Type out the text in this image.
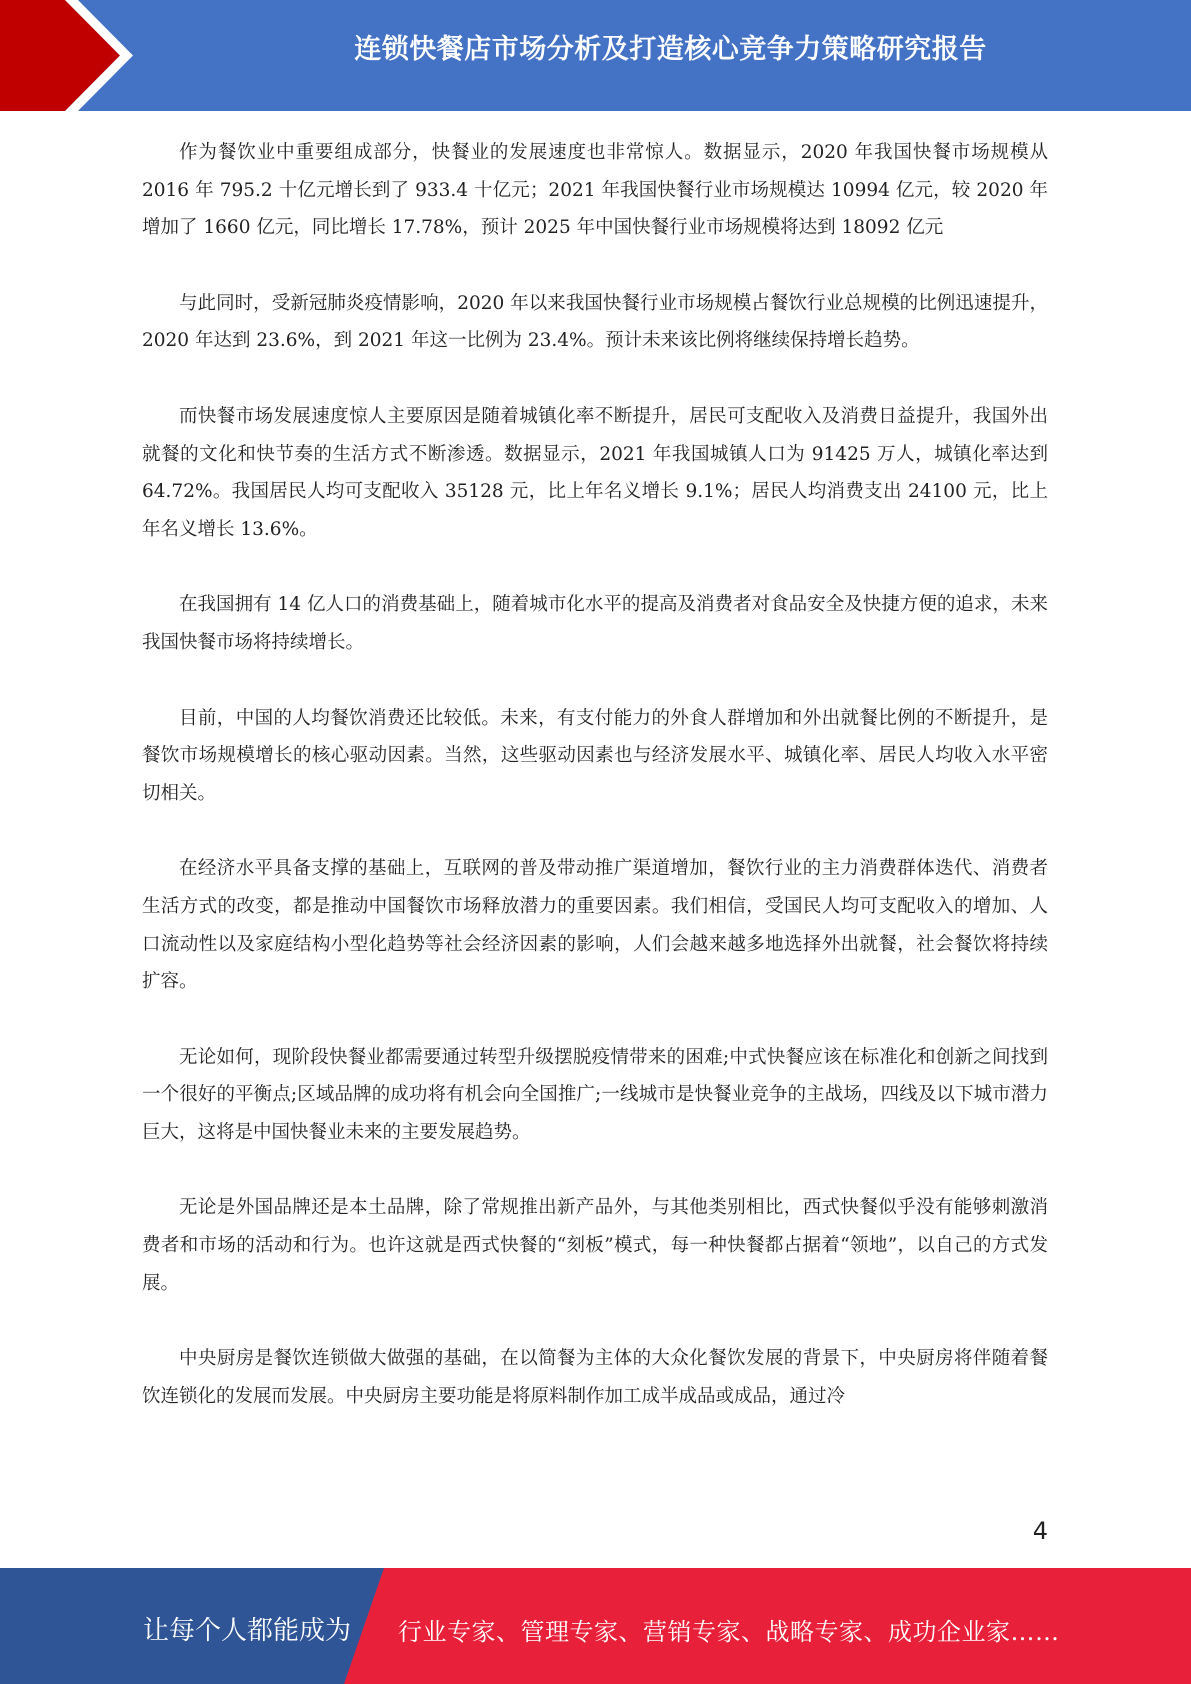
连锁快餐店市场分析及打造核心竞争力策略研究报告

作为餐饮业中重要组成部分，快餐业的发展速度也非常惊人。数据显示，2020 年我国快餐市场规模从 2016 年 795.2 十亿元增长到了 933.4 十亿元；2021 年我国快餐行业市场规模达 10994 亿元，较 2020 年增加了 1660 亿元，同比增长 17.78%，预计 2025 年中国快餐行业市场规模将达到 18092 亿元

与此同时，受新冠肺炎疫情影响，2020 年以来我国快餐行业市场规模占餐饮行业总规模的比例迅速提升，2020 年达到 23.6%，到 2021 年这一比例为 23.4%。预计未来该比例将继续保持增长趋势。

而快餐市场发展速度惊人主要原因是随着城镇化率不断提升，居民可支配收入及消费日益提升，我国外出就餐的文化和快节奏的生活方式不断渗透。数据显示，2021 年我国城镇人口为 91425 万人，城镇化率达到 64.72%。我国居民人均可支配收入 35128 元，比上年名义增长 9.1%；居民人均消费支出 24100 元，比上年名义增长 13.6%。

在我国拥有 14 亿人口的消费基础上，随着城市化水平的提高及消费者对食品安全及快捷方便的追求，未来我国快餐市场将持续增长。

目前，中国的人均餐饮消费还比较低。未来，有支付能力的外食人群增加和外出就餐比例的不断提升，是餐饮市场规模增长的核心驱动因素。当然，这些驱动因素也与经济发展水平、城镇化率、居民人均收入水平密切相关。

在经济水平具备支撑的基础上，互联网的普及带动推广渠道增加，餐饮行业的主力消费群体迭代、消费者生活方式的改变，都是推动中国餐饮市场释放潜力的重要因素。我们相信，受国民人均可支配收入的增加、人口流动性以及家庭结构小型化趋势等社会经济因素的影响，人们会越来越多地选择外出就餐，社会餐饮将持续扩容。

无论如何，现阶段快餐业都需要通过转型升级摆脱疫情带来的困难;中式快餐应该在标准化和创新之间找到一个很好的平衡点;区域品牌的成功将有机会向全国推广;一线城市是快餐业竞争的主战场，四线及以下城市潜力巨大，这将是中国快餐业未来的主要发展趋势。

无论是外国品牌还是本土品牌，除了常规推出新产品外，与其他类别相比，西式快餐似乎没有能够刺激消费者和市场的活动和行为。也许这就是西式快餐的“刻板”模式，每一种快餐都占据着“领地”，以自己的方式发展。

中央厨房是餐饮连锁做大做强的基础，在以简餐为主体的大众化餐饮发展的背景下，中央厨房将伴随着餐饮连锁化的发展而发展。中央厨房主要功能是将原料制作加工成半成品或成品，通过冷

4
让每个人都能成为 行业专家、管理专家、营销专家、战略专家、成功企业家……
